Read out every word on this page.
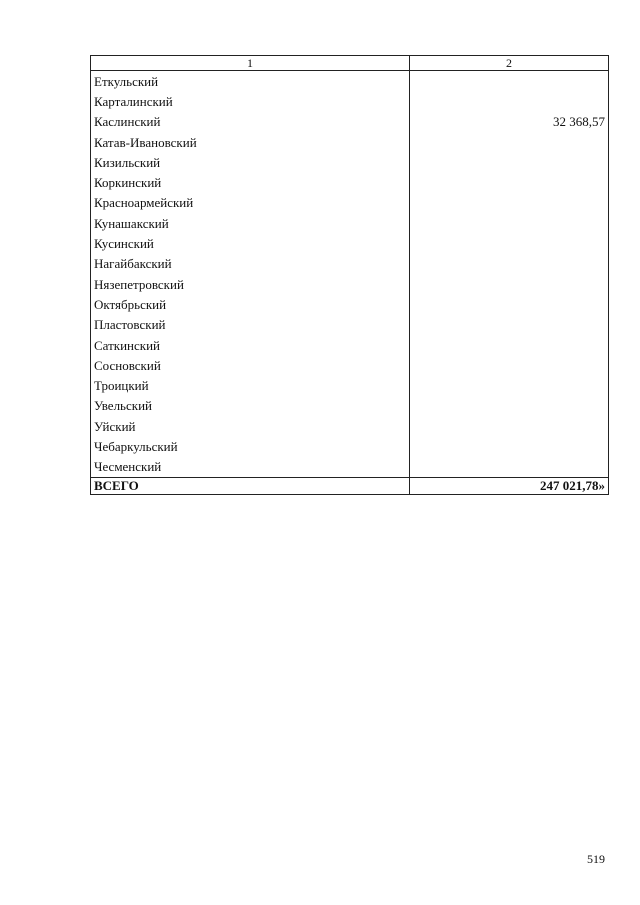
1	2
Еткульский	
Карталинский	
Каслинский	32 368,57
Катав-Ивановский	
Кизильский	
Коркинский	
Красноармейский	
Кунашакский	
Кусинский	
Нагайбакский	
Нязепетровский	
Октябрьский	
Пластовский	
Саткинский	
Сосновский	
Троицкий	
Увельский	
Уйский	
Чебаркульский	
Чесменский	
ВСЕГО	247 021,78»
519
